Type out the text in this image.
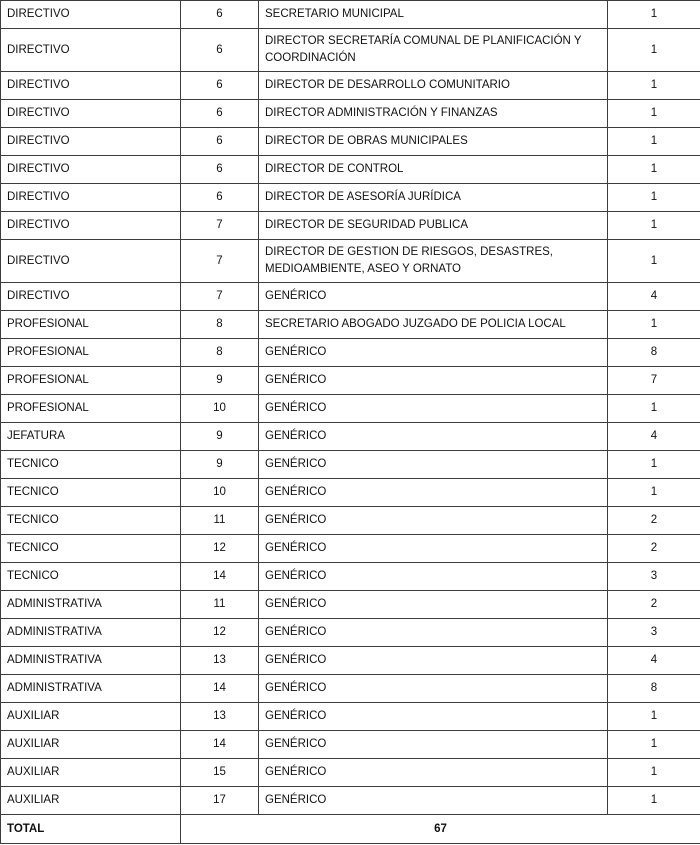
DIRECTIVO	6	SECRETARIO MUNICIPAL	1
DIRECTIVO	6	DIRECTOR SECRETARÍA COMUNAL DE PLANIFICACIÓN Y COORDINACIÓN	1
DIRECTIVO	6	DIRECTOR DE DESARROLLO COMUNITARIO	1
DIRECTIVO	6	DIRECTOR ADMINISTRACIÓN Y FINANZAS	1
DIRECTIVO	6	DIRECTOR DE OBRAS MUNICIPALES	1
DIRECTIVO	6	DIRECTOR DE CONTROL	1
DIRECTIVO	6	DIRECTOR DE ASESORÍA JURÍDICA	1
DIRECTIVO	7	DIRECTOR DE SEGURIDAD PUBLICA	1
DIRECTIVO	7	DIRECTOR DE GESTION DE RIESGOS, DESASTRES, MEDIOAMBIENTE, ASEO Y ORNATO	1
DIRECTIVO	7	GENÉRICO	4
PROFESIONAL	8	SECRETARIO ABOGADO JUZGADO DE POLICIA LOCAL	1
PROFESIONAL	8	GENÉRICO	8
PROFESIONAL	9	GENÉRICO	7
PROFESIONAL	10	GENÉRICO	1
JEFATURA	9	GENÉRICO	4
TECNICO	9	GENÉRICO	1
TECNICO	10	GENÉRICO	1
TECNICO	11	GENÉRICO	2
TECNICO	12	GENÉRICO	2
TECNICO	14	GENÉRICO	3
ADMINISTRATIVA	11	GENÉRICO	2
ADMINISTRATIVA	12	GENÉRICO	3
ADMINISTRATIVA	13	GENÉRICO	4
ADMINISTRATIVA	14	GENÉRICO	8
AUXILIAR	13	GENÉRICO	1
AUXILIAR	14	GENÉRICO	1
AUXILIAR	15	GENÉRICO	1
AUXILIAR	17	GENÉRICO	1
TOTAL	67		
